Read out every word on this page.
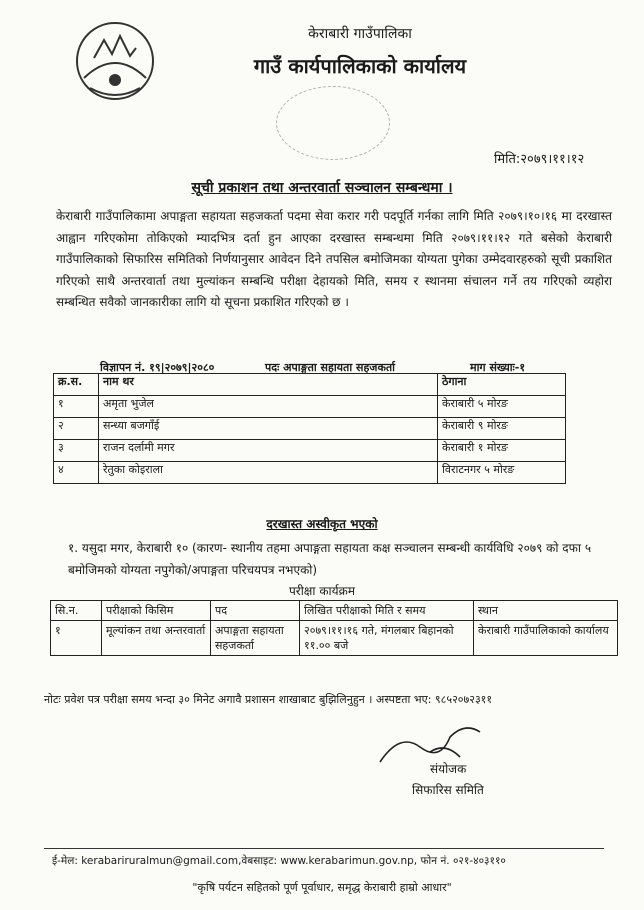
केराबारी गाउँपालिका
गाउँ कार्यपालिकाको कार्यालय
मिति:२०७९।११।१२
सूची प्रकाशन तथा अन्तरवार्ता सञ्चालन सम्बन्धमा ।
केराबारी गाउँपालिकामा अपाङ्गता सहायता सहजकर्ता पदमा सेवा करार गरी पदपूर्ति गर्नका लागि मिति २०७९।१०।१६ मा दरखास्त आह्वान गरिएकोमा तोकिएको म्यादभित्र दर्ता हुन आएका दरखास्त सम्बन्धमा मिति २०७९।११।१२ गते बसेको केराबारी गाउँपालिकाको सिफारिस समितिको निर्णयानुसार आवेदन दिने तपसिल बमोजिमका योग्यता पुगेका उम्मेदवारहरुको सूची प्रकाशित गरिएको साथै अन्तरवार्ता तथा मुल्यांकन सम्बन्धि परीक्षा देहायको मिति, समय र स्थानमा संचालन गर्ने तय गरिएको व्यहोरा सम्बन्धित सवैको जानकारीका लागि यो सूचना प्रकाशित गरिएको छ ।
विज्ञापन नं. १९|२०७९|२०८०	पदः अपाङ्गता सहायता सहजकर्ता	माग संख्याः-१
क्र.स.	नाम थर	ठेगाना
१	अमृता भुजेल	केराबारी ५ मोरङ
२	सन्ध्या बजगाँई	केराबारी ९ मोरङ
३	राजन दर्लामी मगर	केराबारी १ मोरङ
४	रेतुका कोइराला	विराटनगर ५ मोरङ
दरखास्त अस्वीकृत भएको
१. यसुदा मगर, केराबारी १० (कारण- स्थानीय तहमा अपाङ्गता सहायता कक्ष सञ्चालन सम्बन्धी कार्यविधि २०७९ को दफा ५ बमोजिमको योग्यता नपुगेको/अपाङ्गता परिचयपत्र नभएको)
परीक्षा कार्यक्रम
सि.न.	परीक्षाको किसिम	पद	लिखित परीक्षाको मिति र समय	स्थान
१	मूल्यांकन तथा अन्तरवार्ता	अपाङ्गता सहायता सहजकर्ता	२०७९।११।१६ गते, मंगलबार बिहानको ११.०० बजे	केराबारी गाउँपालिकाको कार्यालय
नोटः प्रवेश पत्र परीक्षा समय भन्दा ३० मिनेट अगावै प्रशासन शाखाबाट बुझिलिनुहुन । अस्पष्टता भए: ९८५२०७२३११
संयोजक
सिफारिस समिति
ई-मेल: kerabariruralmun@gmail.com,वेबसाइट: www.kerabarimun.gov.np, फोन नं. ०२१-४०३११०
"कृषि पर्यटन सहितको पूर्ण पूर्वाधार, समृद्ध केराबारी हाम्रो आधार"
